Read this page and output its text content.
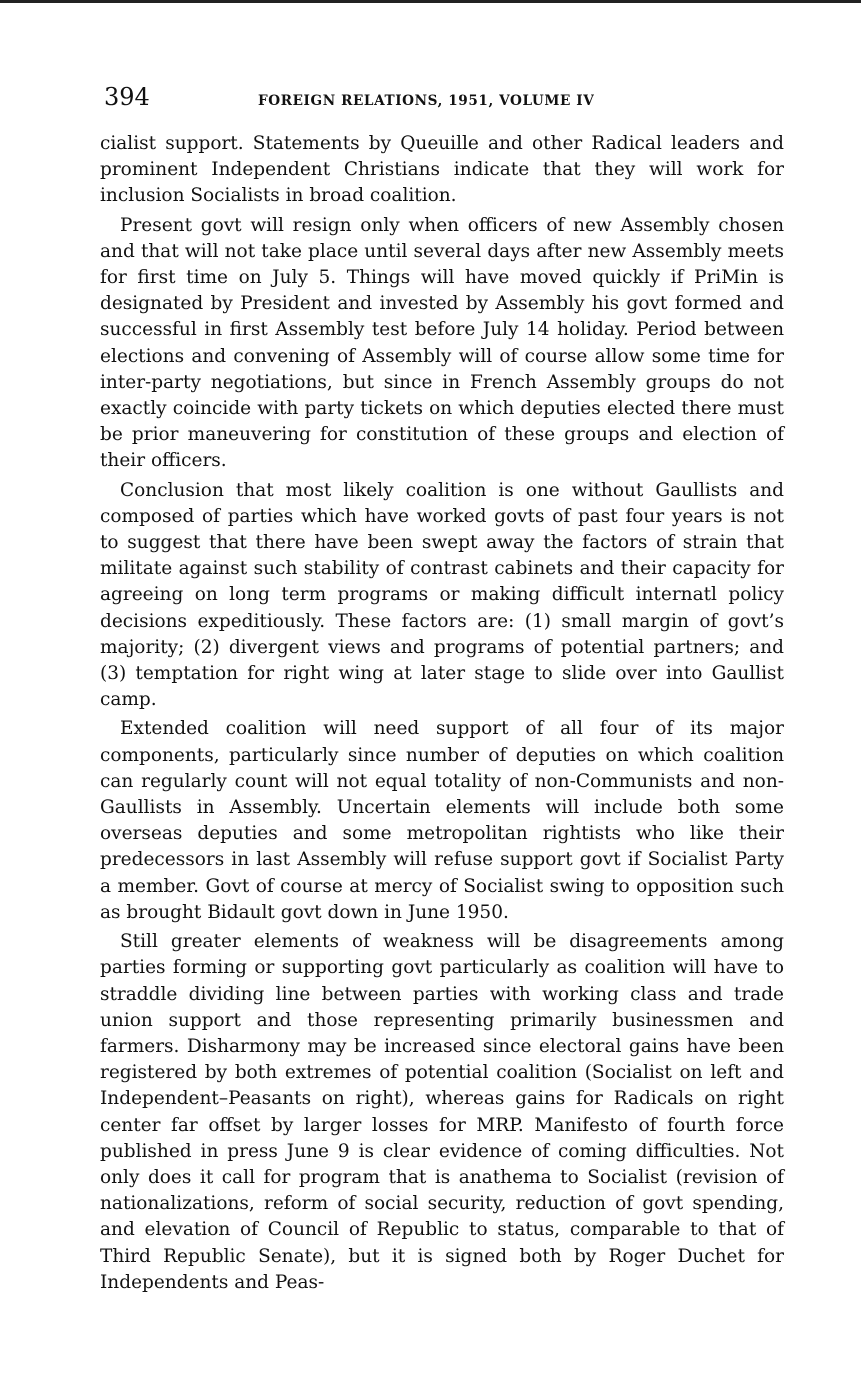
394	FOREIGN RELATIONS, 1951, VOLUME IV

cialist support. Statements by Queuille and other Radical leaders and prominent Independent Christians indicate that they will work for inclusion Socialists in broad coalition.

Present govt will resign only when officers of new Assembly chosen and that will not take place until several days after new Assembly meets for first time on July 5. Things will have moved quickly if PriMin is designated by President and invested by Assembly his govt formed and successful in first Assembly test before July 14 holiday. Period between elections and convening of Assembly will of course allow some time for inter-party negotiations, but since in French Assembly groups do not exactly coincide with party tickets on which deputies elected there must be prior maneuvering for constitution of these groups and election of their officers.

Conclusion that most likely coalition is one without Gaullists and composed of parties which have worked govts of past four years is not to suggest that there have been swept away the factors of strain that militate against such stability of contrast cabinets and their capacity for agreeing on long term programs or making difficult internatl policy decisions expeditiously. These factors are: (1) small margin of govt’s majority; (2) divergent views and programs of potential partners; and (3) temptation for right wing at later stage to slide over into Gaullist camp.

Extended coalition will need support of all four of its major components, particularly since number of deputies on which coalition can regularly count will not equal totality of non-Communists and non-Gaullists in Assembly. Uncertain elements will include both some overseas deputies and some metropolitan rightists who like their predecessors in last Assembly will refuse support govt if Socialist Party a member. Govt of course at mercy of Socialist swing to opposition such as brought Bidault govt down in June 1950.

Still greater elements of weakness will be disagreements among parties forming or supporting govt particularly as coalition will have to straddle dividing line between parties with working class and trade union support and those representing primarily businessmen and farmers. Disharmony may be increased since electoral gains have been registered by both extremes of potential coalition (Socialist on left and Independent–Peasants on right), whereas gains for Radicals on right center far offset by larger losses for MRP. Manifesto of fourth force published in press June 9 is clear evidence of coming difficulties. Not only does it call for program that is anathema to Socialist (revision of nationalizations, reform of social security, reduction of govt spending, and elevation of Council of Republic to status, comparable to that of Third Republic Senate), but it is signed both by Roger Duchet for Independents and Peas-
